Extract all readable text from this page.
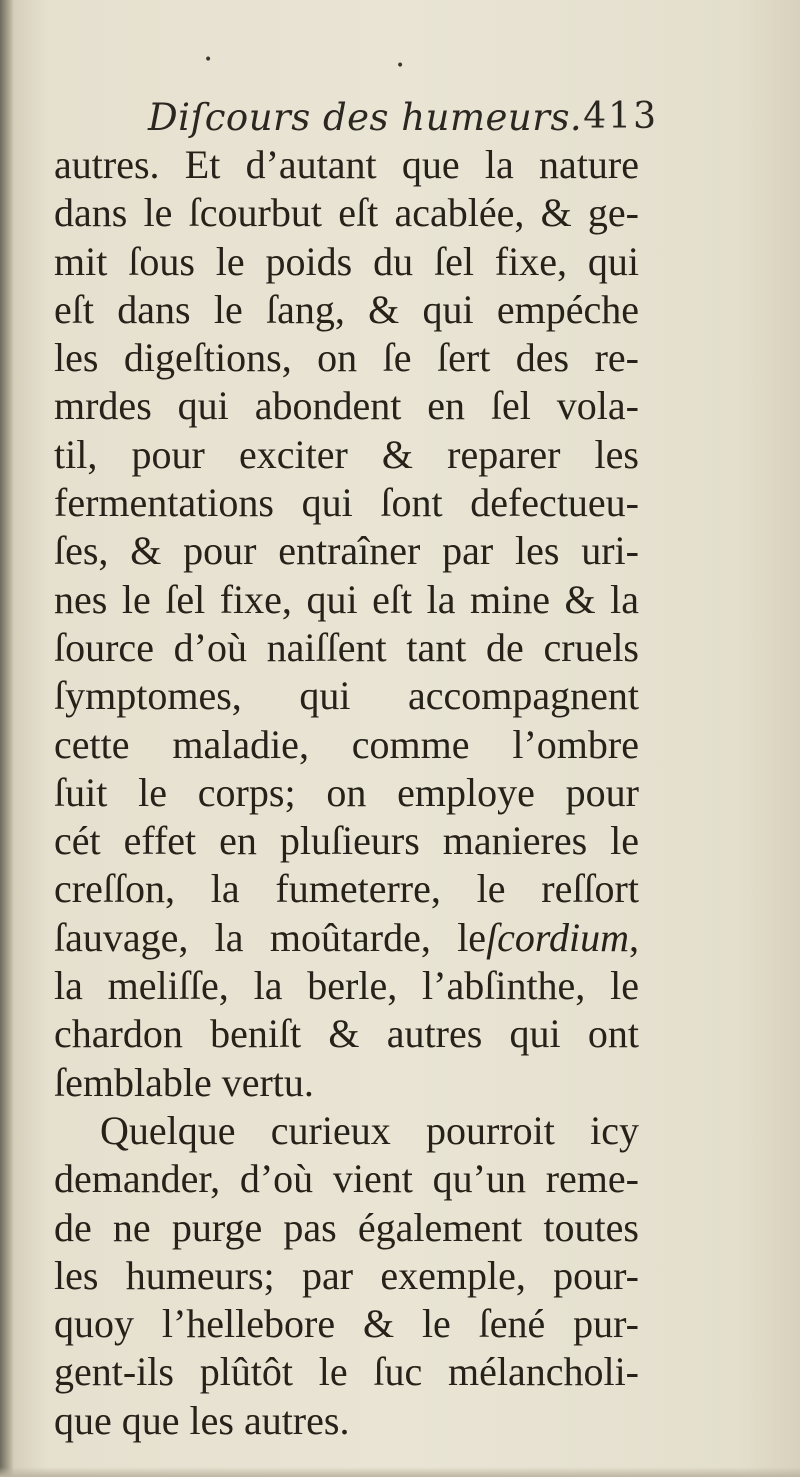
•	•
Diſcours des humeurs. 413
autres. Et d’autant que la nature
dans le ſcourbut eſt acablée, & ge-
mit ſous le poids du ſel fixe, qui
eſt dans le ſang, & qui empéche
les digeſtions, on ſe ſert des re-
mrdes qui abondent en ſel vola-
til, pour exciter & reparer les
fermentations qui ſont defectueu-
ſes, & pour entraîner par les uri-
nes le ſel fixe, qui eſt la mine & la
ſource d’où naiſſent tant de cruels
ſymptomes, qui accompagnent
cette maladie, comme l’ombre
ſuit le corps; on employe pour
cét effet en pluſieurs manieres le
creſſon, la fumeterre, le reſſort
ſauvage, la moûtarde, leſcordium,
la meliſſe, la berle, l’abſinthe, le
chardon beniſt & autres qui ont
ſemblable vertu.
Quelque curieux pourroit icy
demander, d’où vient qu’un reme-
de ne purge pas également toutes
les humeurs; par exemple, pour-
quoy l’hellebore & le ſené pur-
gent-ils plûtôt le ſuc mélancholi-
que que les autres.
